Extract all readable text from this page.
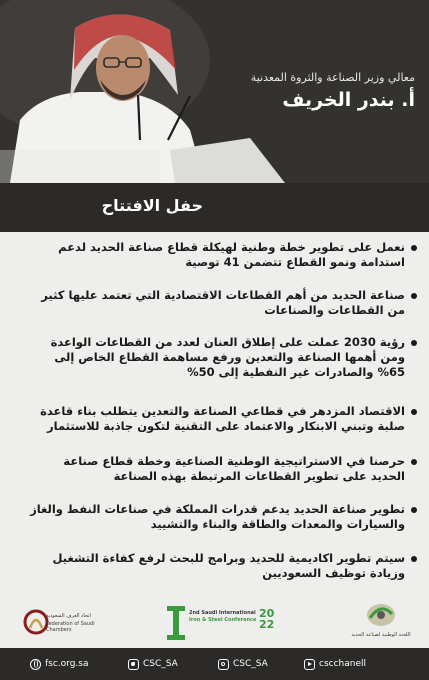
معالي وزير الصناعة والثروة المعدنية
أ. بندر الخريف
حفل الافتتاح
نعمل على تطوير خطة وطنية لهيكلة قطاع صناعة الحديد لدعم استدامة ونمو القطاع تتضمن 41 توصية
صناعة الحديد من أهم القطاعات الاقتصادية التي تعتمد عليها كثير من القطاعات والصناعات
رؤية 2030 عملت على إطلاق العنان لعدد من القطاعات الواعدة ومن أهمها الصناعة والتعدين ورفع مساهمة القطاع الخاص إلى 65% والصادرات غير النفطية إلى 50%
الاقتصاد المزدهر في قطاعي الصناعة والتعدين يتطلب بناء قاعدة صلبة وتبني الابتكار والاعتماد على التقنية لتكون جاذبة للاستثمار
حرصنا في الاستراتيجية الوطنية الصناعية وخطة قطاع صناعة الحديد على تطوير القطاعات المرتبطة بهذه الصناعة
تطوير صناعة الحديد يدعم قدرات المملكة في صناعات النفط والغاز والسيارات والمعدات والطاقة والبناء والتشييد
سيتم تطوير اكاديمية للحديد وبرامج للبحث لرفع كفاءة التشغيل وزيادة توظيف السعوديين
اتحاد الغرف السعودية
Federation of Saudi Chambers
2nd Saudi International
Iron & Steel Conference 20
22
اللجنة الوطنية لصناعة الحديد
fsc.org.sa	CSC_SA	CSC_SA	cscchanell
